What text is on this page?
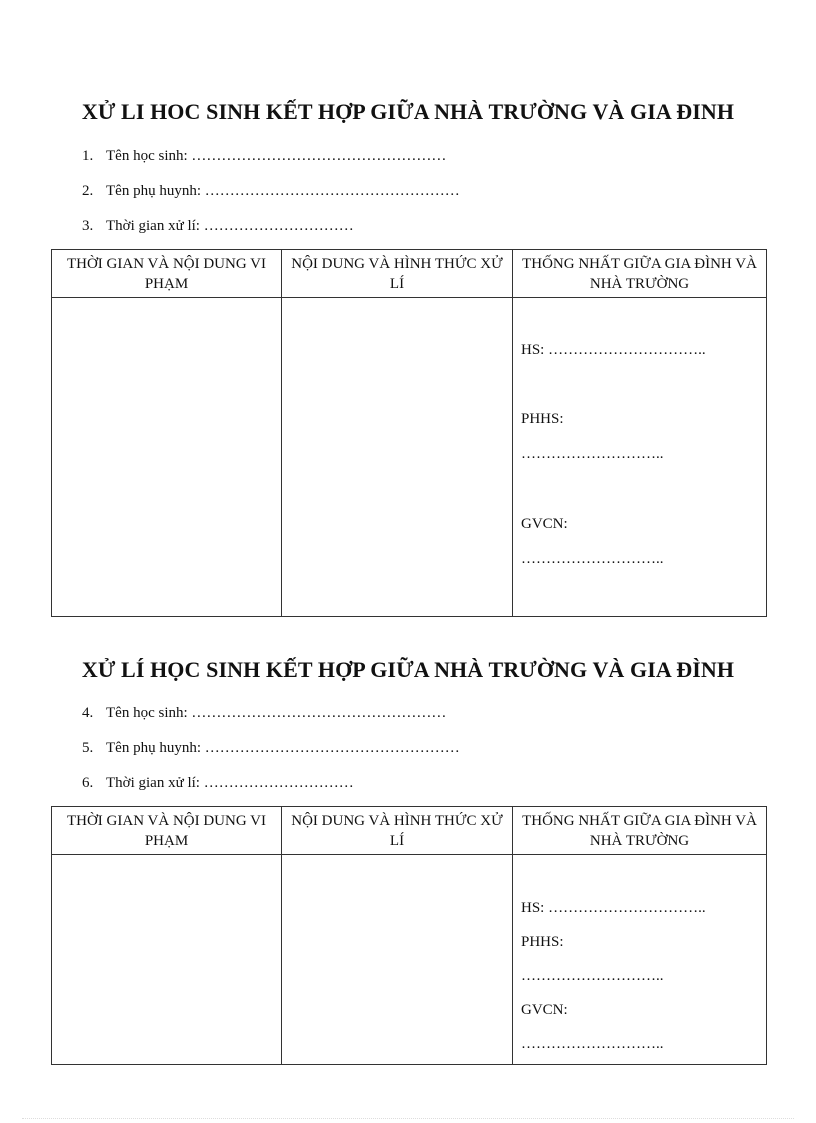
XỬ LI HOC SINH KẾT HỢP GIỮA NHÀ TRƯỜNG VÀ GIA ĐINH
1. Tên học sinh: ……………………………………………
2. Tên phụ huynh: ……………………………………………
3. Thời gian xử lí: …………………………
THỜI GIAN VÀ NỘI DUNG VI PHẠM	NỘI DUNG VÀ HÌNH THỨC XỬ LÍ	THỐNG NHẤT GIỮA GIA ĐÌNH VÀ NHÀ TRƯỜNG

		HS: …………………………..
PHHS:
………………………..
GVCN:
………………………..
XỬ LÍ HỌC SINH KẾT HỢP GIỮA NHÀ TRƯỜNG VÀ GIA ĐÌNH
4. Tên học sinh: ……………………………………………
5. Tên phụ huynh: ……………………………………………
6. Thời gian xử lí: …………………………
THỜI GIAN VÀ NỘI DUNG VI PHẠM	NỘI DUNG VÀ HÌNH THỨC XỬ LÍ	THỐNG NHẤT GIỮA GIA ĐÌNH VÀ NHÀ TRƯỜNG

		HS: …………………………..
PHHS:
………………………..
GVCN:
………………………..
